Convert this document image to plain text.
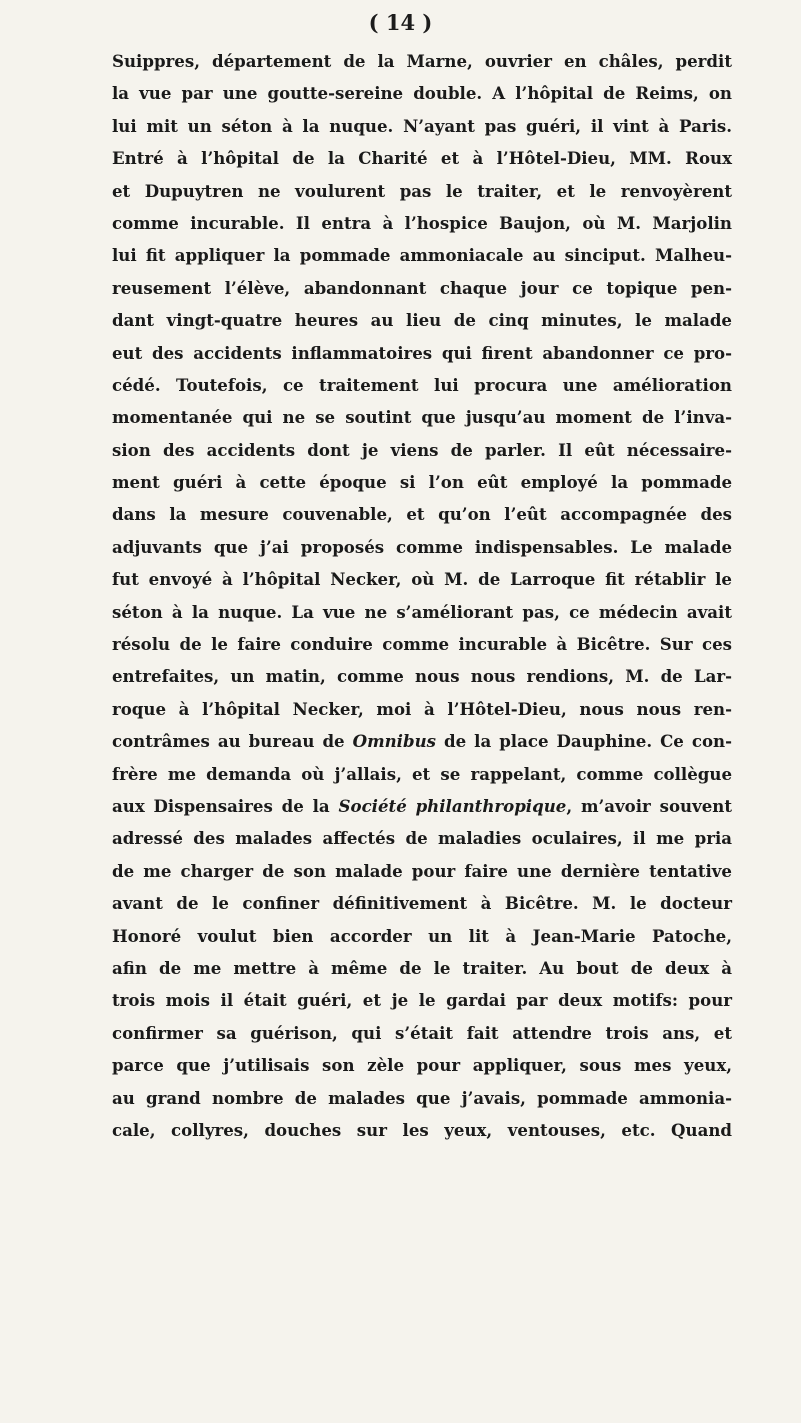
( 14 )
Suippres, département de la Marne, ouvrier en châles, perdit
la vue par une goutte-sereine double. A l’hôpital de Reims, on
lui mit un séton à la nuque. N’ayant pas guéri, il vint à Paris.
Entré à l’hôpital de la Charité et à l’Hôtel-Dieu, MM. Roux
et Dupuytren ne voulurent pas le traiter, et le renvoyèrent
comme incurable. Il entra à l’hospice Baujon, où M. Marjolin
lui fit appliquer la pommade ammoniacale au sinciput. Malheu-
reusement l’élève, abandonnant chaque jour ce topique pen-
dant vingt-quatre heures au lieu de cinq minutes, le malade
eut des accidents inflammatoires qui firent abandonner ce pro-
cédé. Toutefois, ce traitement lui procura une amélioration
momentanée qui ne se soutint que jusqu’au moment de l’inva-
sion des accidents dont je viens de parler. Il eût nécessaire-
ment guéri à cette époque si l’on eût employé la pommade
dans la mesure couvenable, et qu’on l’eût accompagnée des
adjuvants que j’ai proposés comme indispensables. Le malade
fut envoyé à l’hôpital Necker, où M. de Larroque fit rétablir le
séton à la nuque. La vue ne s’améliorant pas, ce médecin avait
résolu de le faire conduire comme incurable à Bicêtre. Sur ces
entrefaites, un matin, comme nous nous rendions, M. de Lar-
roque à l’hôpital Necker, moi à l’Hôtel-Dieu, nous nous ren-
contrâmes au bureau de Omnibus de la place Dauphine. Ce con-
frère me demanda où j’allais, et se rappelant, comme collègue
aux Dispensaires de la Société philanthropique, m’avoir souvent
adressé des malades affectés de maladies oculaires, il me pria
de me charger de son malade pour faire une dernière tentative
avant de le confiner définitivement à Bicêtre. M. le docteur
Honoré voulut bien accorder un lit à Jean-Marie Patoche,
afin de me mettre à même de le traiter. Au bout de deux à
trois mois il était guéri, et je le gardai par deux motifs: pour
confirmer sa guérison, qui s’était fait attendre trois ans, et
parce que j’utilisais son zèle pour appliquer, sous mes yeux,
au grand nombre de malades que j’avais, pommade ammonia-
cale, collyres, douches sur les yeux, ventouses, etc. Quand
